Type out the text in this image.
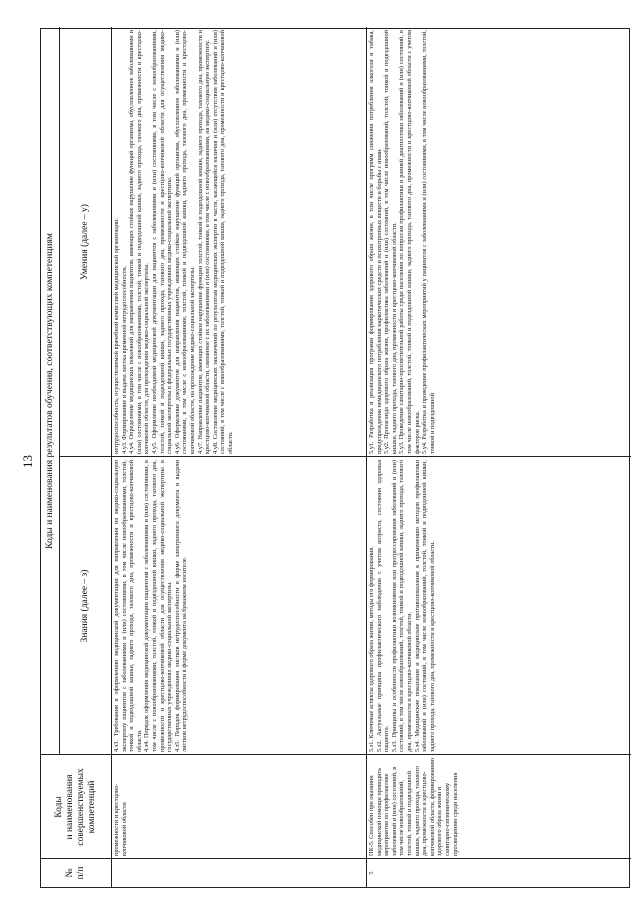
13
№
п/п
Коды
и наименования
совершенствуемых
компетенций
Коды и наименования результатов обучения, соответствующих компетенциям
Знания (далее – з)
Умения (далее – у)
промежности и крестцово-копчиковой области

4.з3. Требования к оформлению медицинской документации для направления на медико-социальную экспертизу пациентов с заболеваниями и (или) состояниями, в том числе новообразованиями, толстой, тонкой и подвздошной кишки, заднего прохода, тазового дна, промежности и крестцово-копчиковой области. 4.з4. Порядок оформления медицинской документации пациентам с заболеваниями и (или) состояниями, в том числе с новообразованиями, толстой, тонкой и подвздошной кишки, заднего прохода, тазового дна, промежности и крестцово-копчиковой области для осуществления медико-социальной экспертизы в государственных учреждениях медико-социальной экспертизы. 4.з5. Порядок формирования листков нетрудоспособности в форме электронного документа и выдачи листков нетрудоспособности в форме документа на бумажном носителе.

нетрудоспособность, осуществляемой врачебной комиссией медицинской организации. 4.у3. Формирование и выдача листка временной нетрудоспособности. 4.у4. Определение медицинских показаний для направления пациентов, имеющих стойкое нарушение функций организма, обусловленное заболеваниями и (или) состояниями, в том числе с новообразованиями, толстой, тонкой и подвздошной кишки, заднего прохода, тазового дна, промежности и крестцово-копчиковой области, для прохождения медико-социальной экспертизы. 4.у5. Оформление необходимой медицинской документации для пациентов с заболеваниями и (или) состояниями, в том числе с новообразованиями, толстой, тонкой и подвздошной кишки, заднего прохода, тазового дна, промежности и крестцово-копчиковой области для осуществления медико-социальной экспертизы в федеральных государственных учреждениях медико-социальной экспертизы. 4.у6. Оформление документов для направления пациентов, имеющих стойкое нарушение функций организма, обусловленное заболеваниями и (или) состояниями, в том числе с новообразованиями, толстой, тонкой и подвздошной кишки, заднего прохода, тазового дна, промежности и крестцово-копчиковой области, на прохождение медико-социальной экспертизы. 4.у7. Направление пациентов, имеющих стойкое нарушение функции толстой, тонкой и подвздошной кишки, заднего прохода, тазового дна, промежности и крестцово-копчиковой области, связанное с их заболеваниями и (или) состояниями, в том числе с новообразованиями, на медико-социальную экспертизу. 4.у8. Составление медицинских заключений по результатам медицинских экспертиз в части, касающейся наличия и (или) отсутствия заболеваний и (или) состояний, в том числе с новообразованиями, толстой, тонкой и подвздошной кишки, заднего прохода, тазового дна, промежности и крестцово-копчиковой области.

5
ПК-5. Способен при оказании медицинской помощи проводить мероприятия по профилактике заболеваний и (или) состояний, в том числе новообразований, толстой, тонкой и подвздошной кишки, заднего прохода, тазового дна, промежности и крестцово-копчиковой области, формированию здорового образа жизни и санитарно-гигиеническому просвещению среди населения

5.з1. Ключевые аспекты здорового образа жизни, методы его формирования. 5.з2. Актуальные принципы профилактического наблюдения с учетом возраста, состояния здоровья пациента. 5.з3. Принципы и особенности профилактики возникновения или прогрессирования заболеваний и (или) состояний, в том числе новообразований, толстой, тонкой и подвздошной кишки, заднего прохода, тазового дна, промежности и крестцово-копчиковой области. 5.з4. Медицинские показания и медицинские противопоказания к применению методов профилактики заболеваний и (или) состояний, в том числе новообразований, толстой, тонкой и подвздошной кишки, заднего прохода, тазового дна, промежности и крестцово-копчиковой области.

5.у1. Разработка и реализация программ формирования здорового образа жизни, в том числе программ снижения потребления алкоголя и табака, предупреждения немедицинского потребления наркотических средств и психотропных веществ и борьбы с ними. 5.у2. Пропаганда здорового образа жизни, профилактика заболеваний и (или) состояний, в том числе новообразований, толстой, тонкой и подвздошной кишки, заднего прохода, тазового дна, промежности и крестцово-копчиковой области. 5.у3. Проведение санитарно-просветительной работы среди населения по вопросам профилактики и ранней диагностики заболеваний и (или) состояний, в том числе новообразований, толстой, тонкой и подвздошной кишки, заднего прохода, тазового дна, промежности и крестцово-копчиковой области с учетом факторов риска. 5.у4. Разработка и проведение профилактических мероприятий у пациентов с заболеваниями и (или) состояниями, в том числе новообразованиями, толстой, тонкой и подвздошной
